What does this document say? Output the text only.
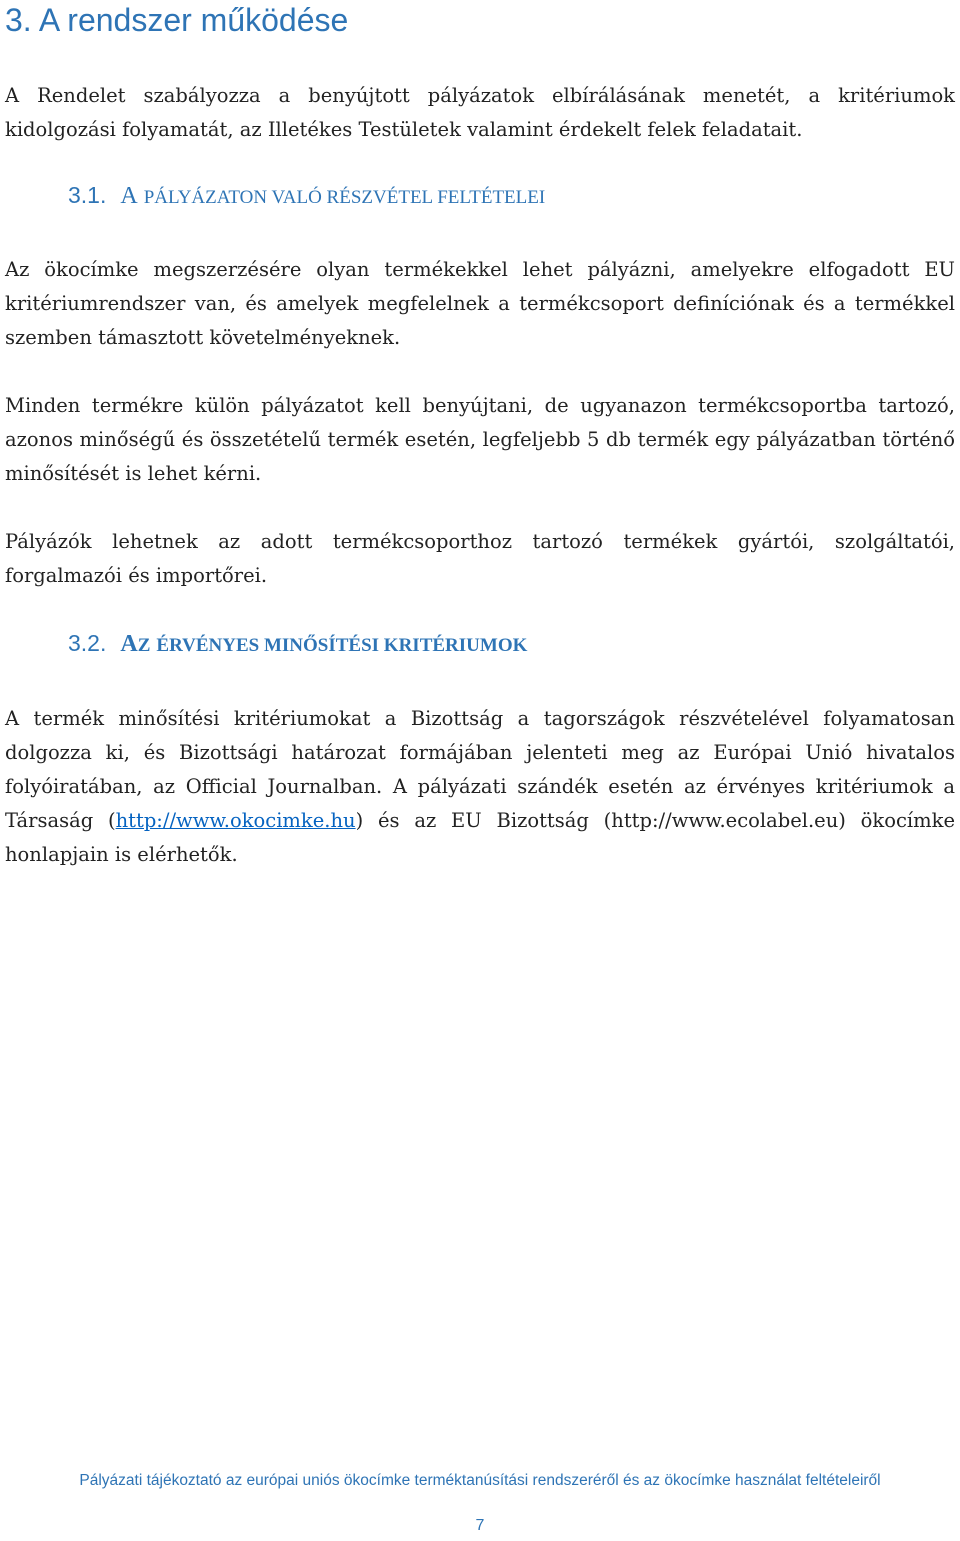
3. A rendszer működése

A Rendelet szabályozza a benyújtott pályázatok elbírálásának menetét, a kritériumok kidolgozási folyamatát, az Illetékes Testületek valamint érdekelt felek feladatait.

3.1. A PÁLYÁZATON VALÓ RÉSZVÉTEL FELTÉTELEI

Az ökocímke megszerzésére olyan termékekkel lehet pályázni, amelyekre elfogadott EU kritériumrendszer van, és amelyek megfelelnek a termékcsoport definíciónak és a termékkel szemben támasztott követelményeknek.

Minden termékre külön pályázatot kell benyújtani, de ugyanazon termékcsoportba tartozó, azonos minőségű és összetételű termék esetén, legfeljebb 5 db termék egy pályázatban történő minősítését is lehet kérni.

Pályázók lehetnek az adott termékcsoporthoz tartozó termékek gyártói, szolgáltatói, forgalmazói és importőrei.

3.2. AZ ÉRVÉNYES MINŐSÍTÉSI KRITÉRIUMOK

A termék minősítési kritériumokat a Bizottság a tagországok részvételével folyamatosan dolgozza ki, és Bizottsági határozat formájában jelenteti meg az Európai Unió hivatalos folyóiratában, az Official Journalban. A pályázati szándék esetén az érvényes kritériumok a Társaság (http://www.okocimke.hu) és az EU Bizottság (http://www.ecolabel.eu) ökocímke honlapjain is elérhetők.

Pályázati tájékoztató az európai uniós ökocímke terméktanúsítási rendszeréről és az ökocímke használat feltételeiről
7
